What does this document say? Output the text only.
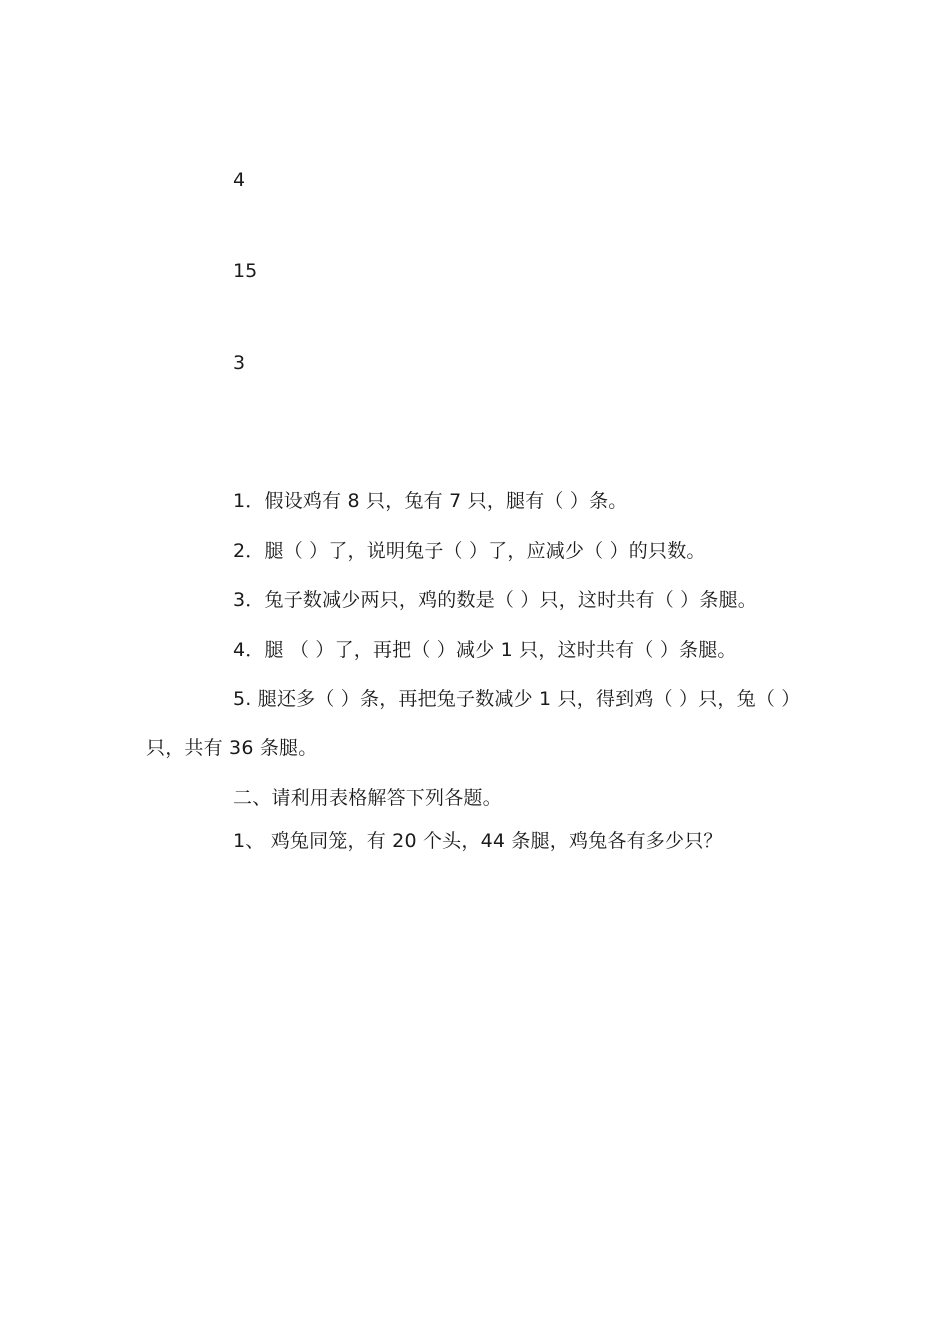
4
15
3
1．假设鸡有 8 只，兔有 7 只，腿有（ ）条。
2．腿（ ）了，说明兔子（ ）了，应减少（ ）的只数。
3．兔子数减少两只，鸡的数是（ ）只，这时共有（ ）条腿。
4．腿 （ ）了，再把（ ）减少 1 只，这时共有（ ）条腿。
5. 腿还多（ ）条，再把兔子数减少 1 只，得到鸡（ ）只，兔（ ）
只，共有 36 条腿。
二、请利用表格解答下列各题。
1、 鸡兔同笼，有 20 个头，44 条腿，鸡兔各有多少只？
